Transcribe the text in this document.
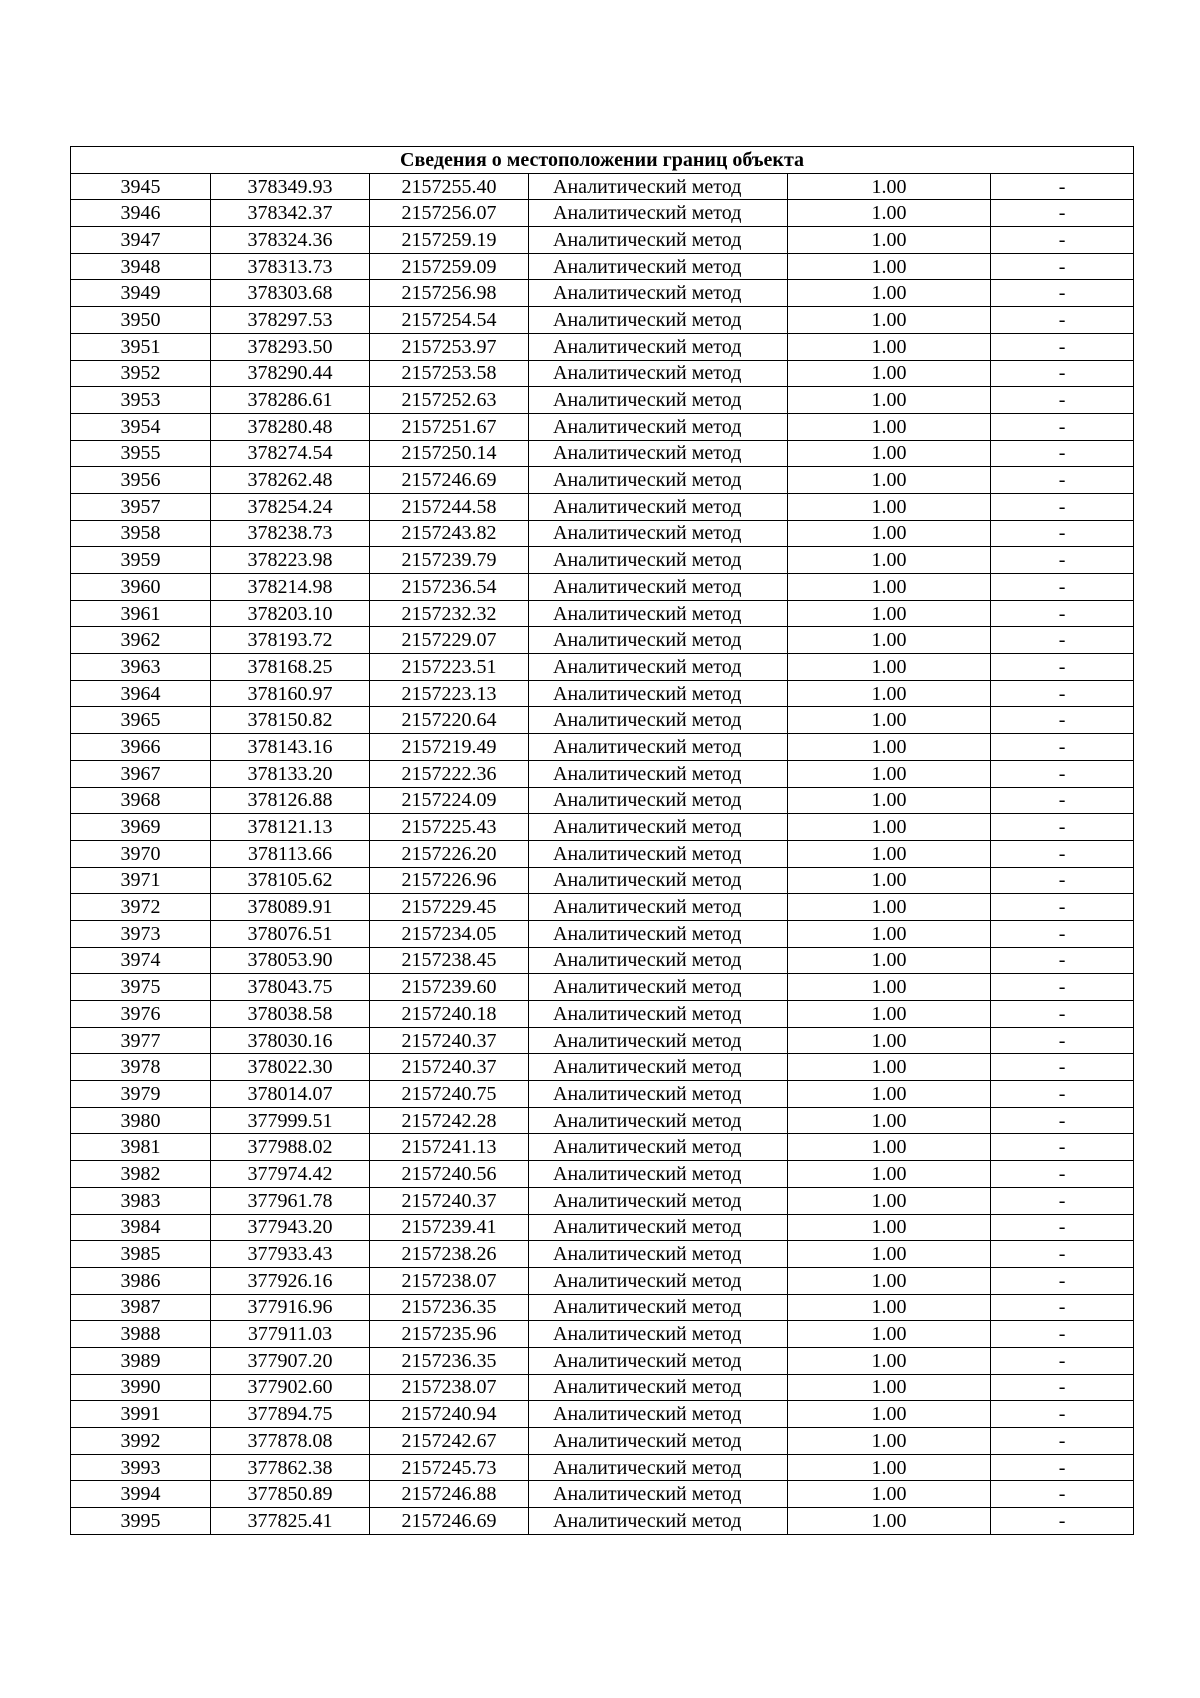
Сведения о местоположении границ объекта					
3945	378349.93	2157255.40	Аналитический метод	1.00	-
3946	378342.37	2157256.07	Аналитический метод	1.00	-
3947	378324.36	2157259.19	Аналитический метод	1.00	-
3948	378313.73	2157259.09	Аналитический метод	1.00	-
3949	378303.68	2157256.98	Аналитический метод	1.00	-
3950	378297.53	2157254.54	Аналитический метод	1.00	-
3951	378293.50	2157253.97	Аналитический метод	1.00	-
3952	378290.44	2157253.58	Аналитический метод	1.00	-
3953	378286.61	2157252.63	Аналитический метод	1.00	-
3954	378280.48	2157251.67	Аналитический метод	1.00	-
3955	378274.54	2157250.14	Аналитический метод	1.00	-
3956	378262.48	2157246.69	Аналитический метод	1.00	-
3957	378254.24	2157244.58	Аналитический метод	1.00	-
3958	378238.73	2157243.82	Аналитический метод	1.00	-
3959	378223.98	2157239.79	Аналитический метод	1.00	-
3960	378214.98	2157236.54	Аналитический метод	1.00	-
3961	378203.10	2157232.32	Аналитический метод	1.00	-
3962	378193.72	2157229.07	Аналитический метод	1.00	-
3963	378168.25	2157223.51	Аналитический метод	1.00	-
3964	378160.97	2157223.13	Аналитический метод	1.00	-
3965	378150.82	2157220.64	Аналитический метод	1.00	-
3966	378143.16	2157219.49	Аналитический метод	1.00	-
3967	378133.20	2157222.36	Аналитический метод	1.00	-
3968	378126.88	2157224.09	Аналитический метод	1.00	-
3969	378121.13	2157225.43	Аналитический метод	1.00	-
3970	378113.66	2157226.20	Аналитический метод	1.00	-
3971	378105.62	2157226.96	Аналитический метод	1.00	-
3972	378089.91	2157229.45	Аналитический метод	1.00	-
3973	378076.51	2157234.05	Аналитический метод	1.00	-
3974	378053.90	2157238.45	Аналитический метод	1.00	-
3975	378043.75	2157239.60	Аналитический метод	1.00	-
3976	378038.58	2157240.18	Аналитический метод	1.00	-
3977	378030.16	2157240.37	Аналитический метод	1.00	-
3978	378022.30	2157240.37	Аналитический метод	1.00	-
3979	378014.07	2157240.75	Аналитический метод	1.00	-
3980	377999.51	2157242.28	Аналитический метод	1.00	-
3981	377988.02	2157241.13	Аналитический метод	1.00	-
3982	377974.42	2157240.56	Аналитический метод	1.00	-
3983	377961.78	2157240.37	Аналитический метод	1.00	-
3984	377943.20	2157239.41	Аналитический метод	1.00	-
3985	377933.43	2157238.26	Аналитический метод	1.00	-
3986	377926.16	2157238.07	Аналитический метод	1.00	-
3987	377916.96	2157236.35	Аналитический метод	1.00	-
3988	377911.03	2157235.96	Аналитический метод	1.00	-
3989	377907.20	2157236.35	Аналитический метод	1.00	-
3990	377902.60	2157238.07	Аналитический метод	1.00	-
3991	377894.75	2157240.94	Аналитический метод	1.00	-
3992	377878.08	2157242.67	Аналитический метод	1.00	-
3993	377862.38	2157245.73	Аналитический метод	1.00	-
3994	377850.89	2157246.88	Аналитический метод	1.00	-
3995	377825.41	2157246.69	Аналитический метод	1.00	-
